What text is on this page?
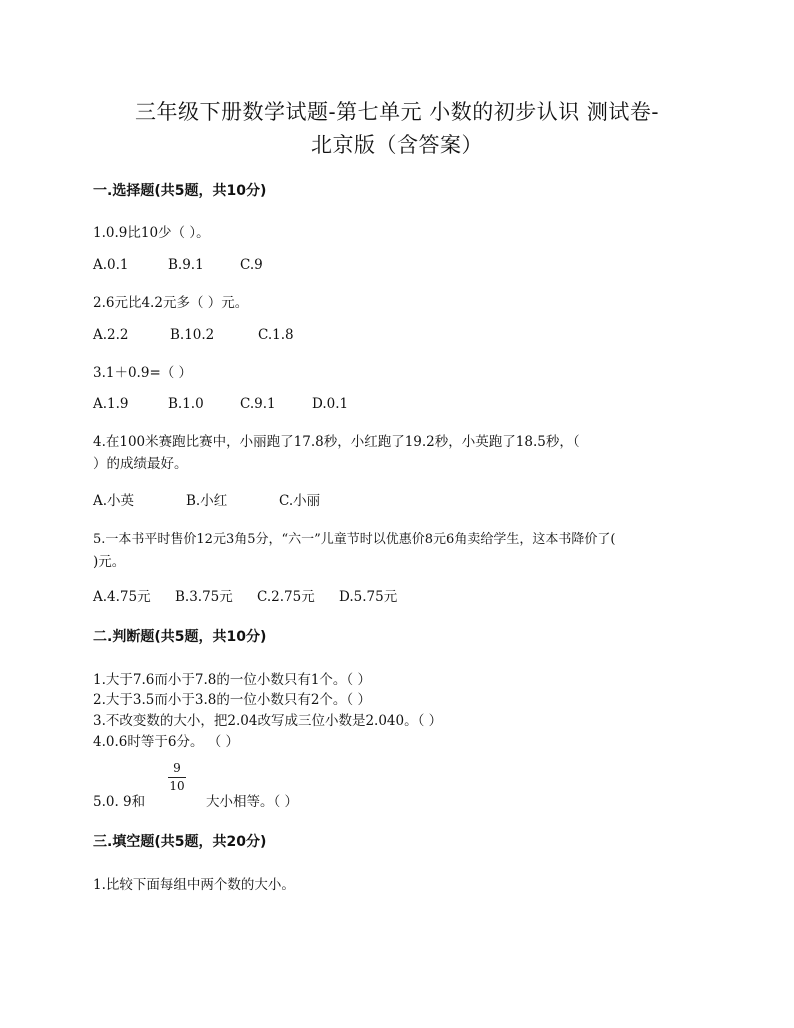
三年级下册数学试题-第七单元 小数的初步认识 测试卷-
北京版（含答案）
一.选择题(共5题，共10分)
1.0.9比10少（ ）。
A.0.1	B.9.1	C.9
2.6元比4.2元多（ ）元。
A.2.2	B.10.2	C.1.8
3.1＋0.9=（ ）
A.1.9	B.1.0	C.9.1	D.0.1
4.在100米赛跑比赛中，小丽跑了17.8秒，小红跑了19.2秒，小英跑了18.5秒，（
）的成绩最好。
A.小英	B.小红	C.小丽
5.一本书平时售价12元3角5分，“六一”儿童节时以优惠价8元6角卖给学生，这本书降价了(
)元。
A.4.75元 B.3.75元 C.2.75元 D.5.75元
二.判断题(共5题，共10分)
1.大于7.6而小于7.8的一位小数只有1个。（ ）
2.大于3.5而小于3.8的一位小数只有2个。（ ）
3.不改变数的大小，把2.04改写成三位小数是2.040。（ ）
4.0.6时等于6分。 （ ）
5.0. 9和
9
10
大小相等。（ ）
三.填空题(共5题，共20分)
1.比较下面每组中两个数的大小。
